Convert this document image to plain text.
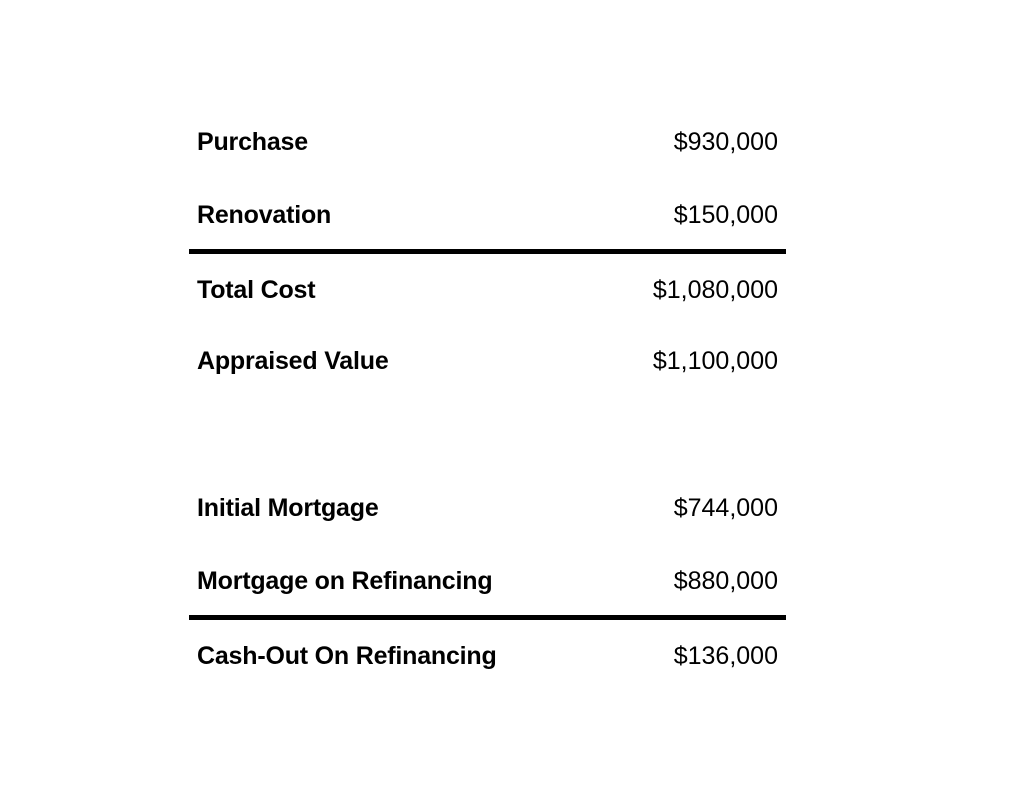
Purchase	$930,000
Renovation	$150,000
Total Cost	$1,080,000
Appraised Value	$1,100,000
Initial Mortgage	$744,000
Mortgage on Refinancing	$880,000
Cash-Out On Refinancing	$136,000
